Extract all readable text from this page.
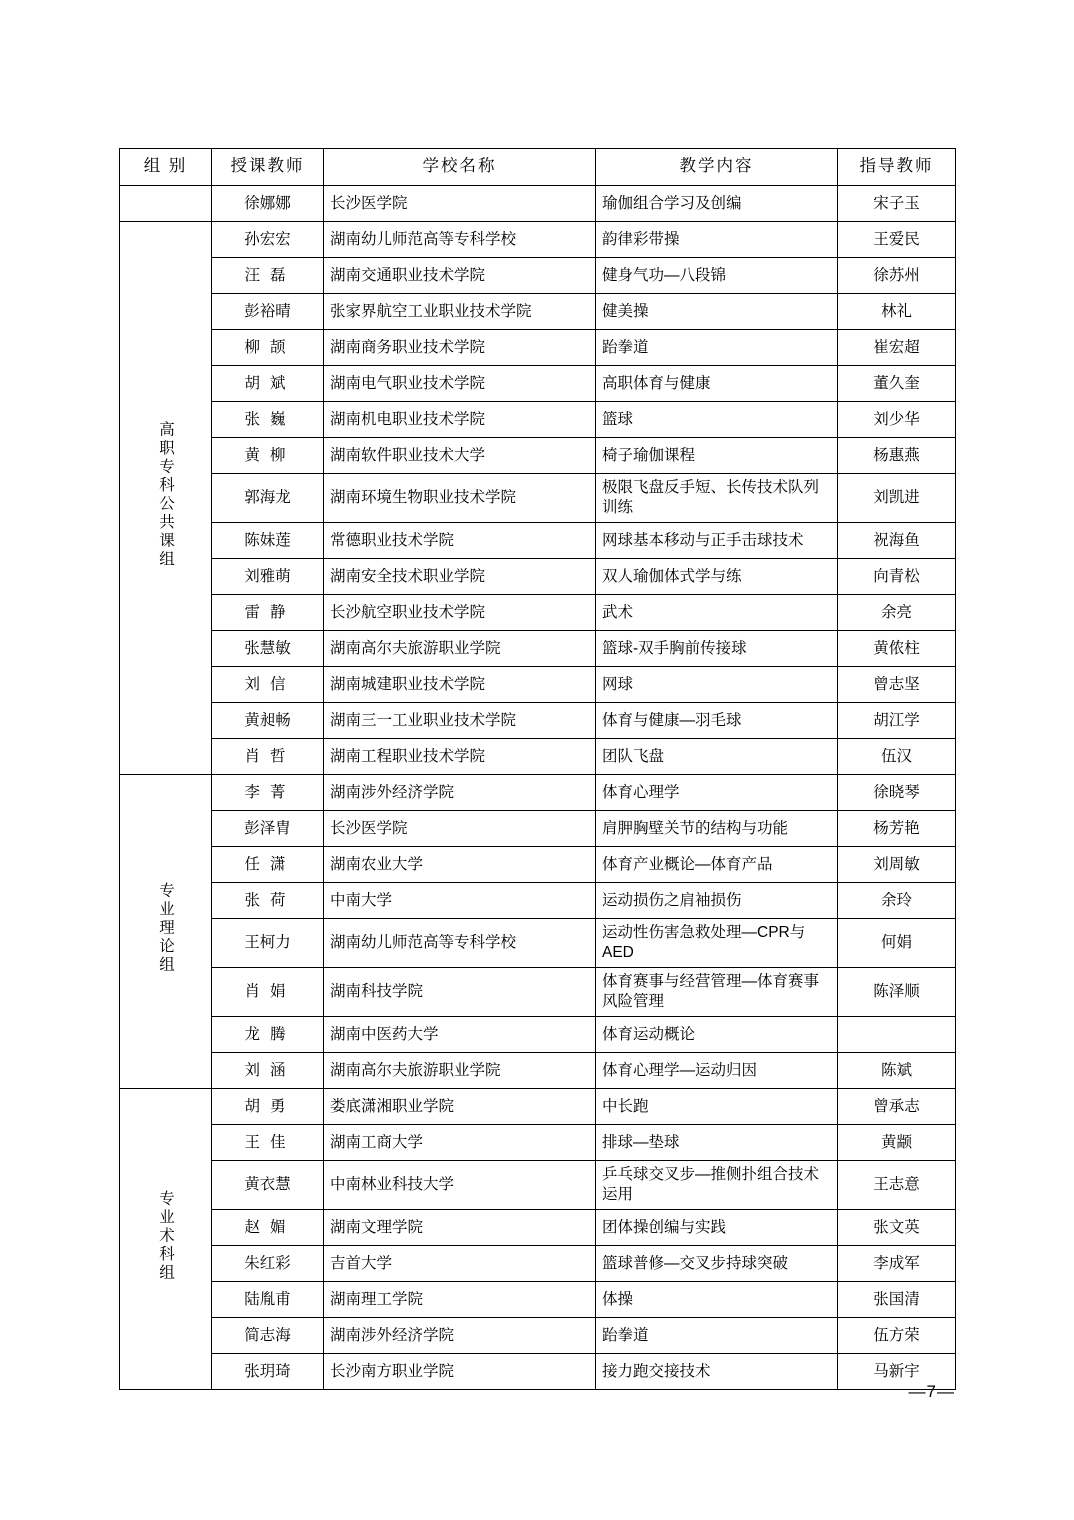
组 别	授课教师	学校名称	教学内容	指导教师
	徐娜娜	长沙医学院	瑜伽组合学习及创编	宋子玉
高职专科公共课组	孙宏宏	湖南幼儿师范高等专科学校	韵律彩带操	王爱民
	汪磊	湖南交通职业技术学院	健身气功—八段锦	徐苏州
	彭裕晴	张家界航空工业职业技术学院	健美操	林礼
	柳颉	湖南商务职业技术学院	跆拳道	崔宏超
	胡斌	湖南电气职业技术学院	高职体育与健康	董久奎
	张巍	湖南机电职业技术学院	篮球	刘少华
	黄柳	湖南软件职业技术大学	椅子瑜伽课程	杨惠燕
	郭海龙	湖南环境生物职业技术学院	极限飞盘反手短、长传技术队列训练	刘凯进
	陈妹莲	常德职业技术学院	网球基本移动与正手击球技术	祝海鱼
	刘雅萌	湖南安全技术职业学院	双人瑜伽体式学与练	向青松
	雷静	长沙航空职业技术学院	武术	余亮
	张慧敏	湖南高尔夫旅游职业学院	篮球-双手胸前传接球	黄侬柱
	刘信	湖南城建职业技术学院	网球	曾志坚
	黄昶畅	湖南三一工业职业技术学院	体育与健康—羽毛球	胡江学
	肖哲	湖南工程职业技术学院	团队飞盘	伍汉
专业理论组	李菁	湖南涉外经济学院	体育心理学	徐晓琴
	彭泽胄	长沙医学院	肩胛胸壁关节的结构与功能	杨芳艳
	任潇	湖南农业大学	体育产业概论—体育产品	刘周敏
	张荷	中南大学	运动损伤之肩袖损伤	余玲
	王柯力	湖南幼儿师范高等专科学校	运动性伤害急救处理—CPR与 AED	何娟
	肖娟	湖南科技学院	体育赛事与经营管理—体育赛事风险管理	陈泽顺
	龙腾	湖南中医药大学	体育运动概论	
	刘涵	湖南高尔夫旅游职业学院	体育心理学—运动归因	陈斌
专业术科组	胡勇	娄底潇湘职业学院	中长跑	曾承志
	王佳	湖南工商大学	排球—垫球	黄颛
	黄衣慧	中南林业科技大学	乒乓球交叉步—推侧扑组合技术运用	王志意
	赵媚	湖南文理学院	团体操创编与实践	张文英
	朱红彩	吉首大学	篮球普修—交叉步持球突破	李成军
	陆胤甫	湖南理工学院	体操	张国清
	简志海	湖南涉外经济学院	跆拳道	伍方荣
	张玥琦	长沙南方职业学院	接力跑交接技术	马新宇
—7—
